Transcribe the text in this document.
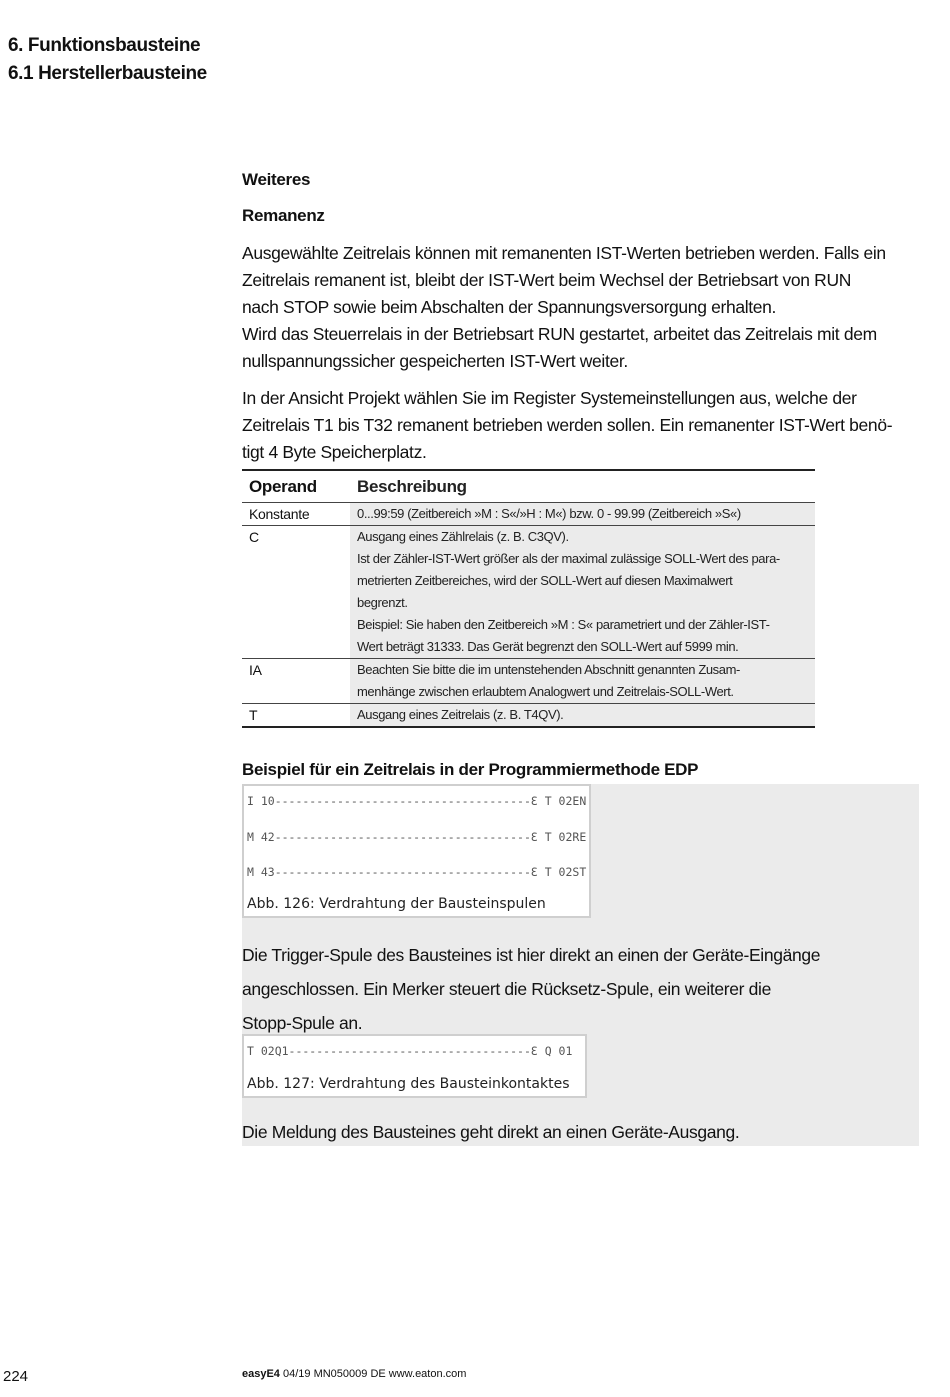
6. Funktionsbausteine
6.1 Herstellerbausteine
Weiteres
Remanenz
Ausgewählte Zeitrelais können mit remanenten IST-Werten betrieben werden. Falls ein
Zeitrelais remanent ist, bleibt der IST-Wert beim Wechsel der Betriebsart von RUN
nach STOP sowie beim Abschalten der Spannungsversorgung erhalten.
Wird das Steuerrelais in der Betriebsart RUN gestartet, arbeitet das Zeitrelais mit dem
nullspannungssicher gespeicherten IST-Wert weiter.
In der Ansicht Projekt wählen Sie im Register Systemeinstellungen aus, welche der
Zeitrelais T1 bis T32 remanent betrieben werden sollen. Ein remanenter IST-Wert benö-
tigt 4 Byte Speicherplatz.
Operand	Beschreibung
Konstante	0...99:59 (Zeitbereich »M : S«/»H : M«) bzw. 0 - 99.99 (Zeitbereich »S«)
C	Ausgang eines Zählrelais (z. B. C3QV).
Ist der Zähler-IST-Wert größer als der maximal zulässige SOLL-Wert des para-
metrierten Zeitbereiches, wird der SOLL-Wert auf diesen Maximalwert
begrenzt.
Beispiel: Sie haben den Zeitbereich »M : S« parametriert und der Zähler-IST-
Wert beträgt 31333. Das Gerät begrenzt den SOLL-Wert auf 5999 min.
IA	Beachten Sie bitte die im untenstehenden Abschnitt genannten Zusam-
menhänge zwischen erlaubtem Analogwert und Zeitrelais-SOLL-Wert.
T	Ausgang eines Zeitrelais (z. B. T4QV).
Beispiel für ein Zeitrelais in der Programmiermethode EDP
I 10-------------------------------------Ɛ T 02EN
M 42-------------------------------------Ɛ T 02RE
M 43-------------------------------------Ɛ T 02ST
Abb. 126: Verdrahtung der Bausteinspulen
Die Trigger-Spule des Bausteines ist hier direkt an einen der Geräte-Eingänge
angeschlossen. Ein Merker steuert die Rücksetz-Spule, ein weiterer die
Stopp-Spule an.
T 02Q1-----------------------------------Ɛ Q 01
Abb. 127: Verdrahtung des Bausteinkontaktes
Die Meldung des Bausteines geht direkt an einen Geräte-Ausgang.
224	easyE4 04/19 MN050009 DE www.eaton.com
